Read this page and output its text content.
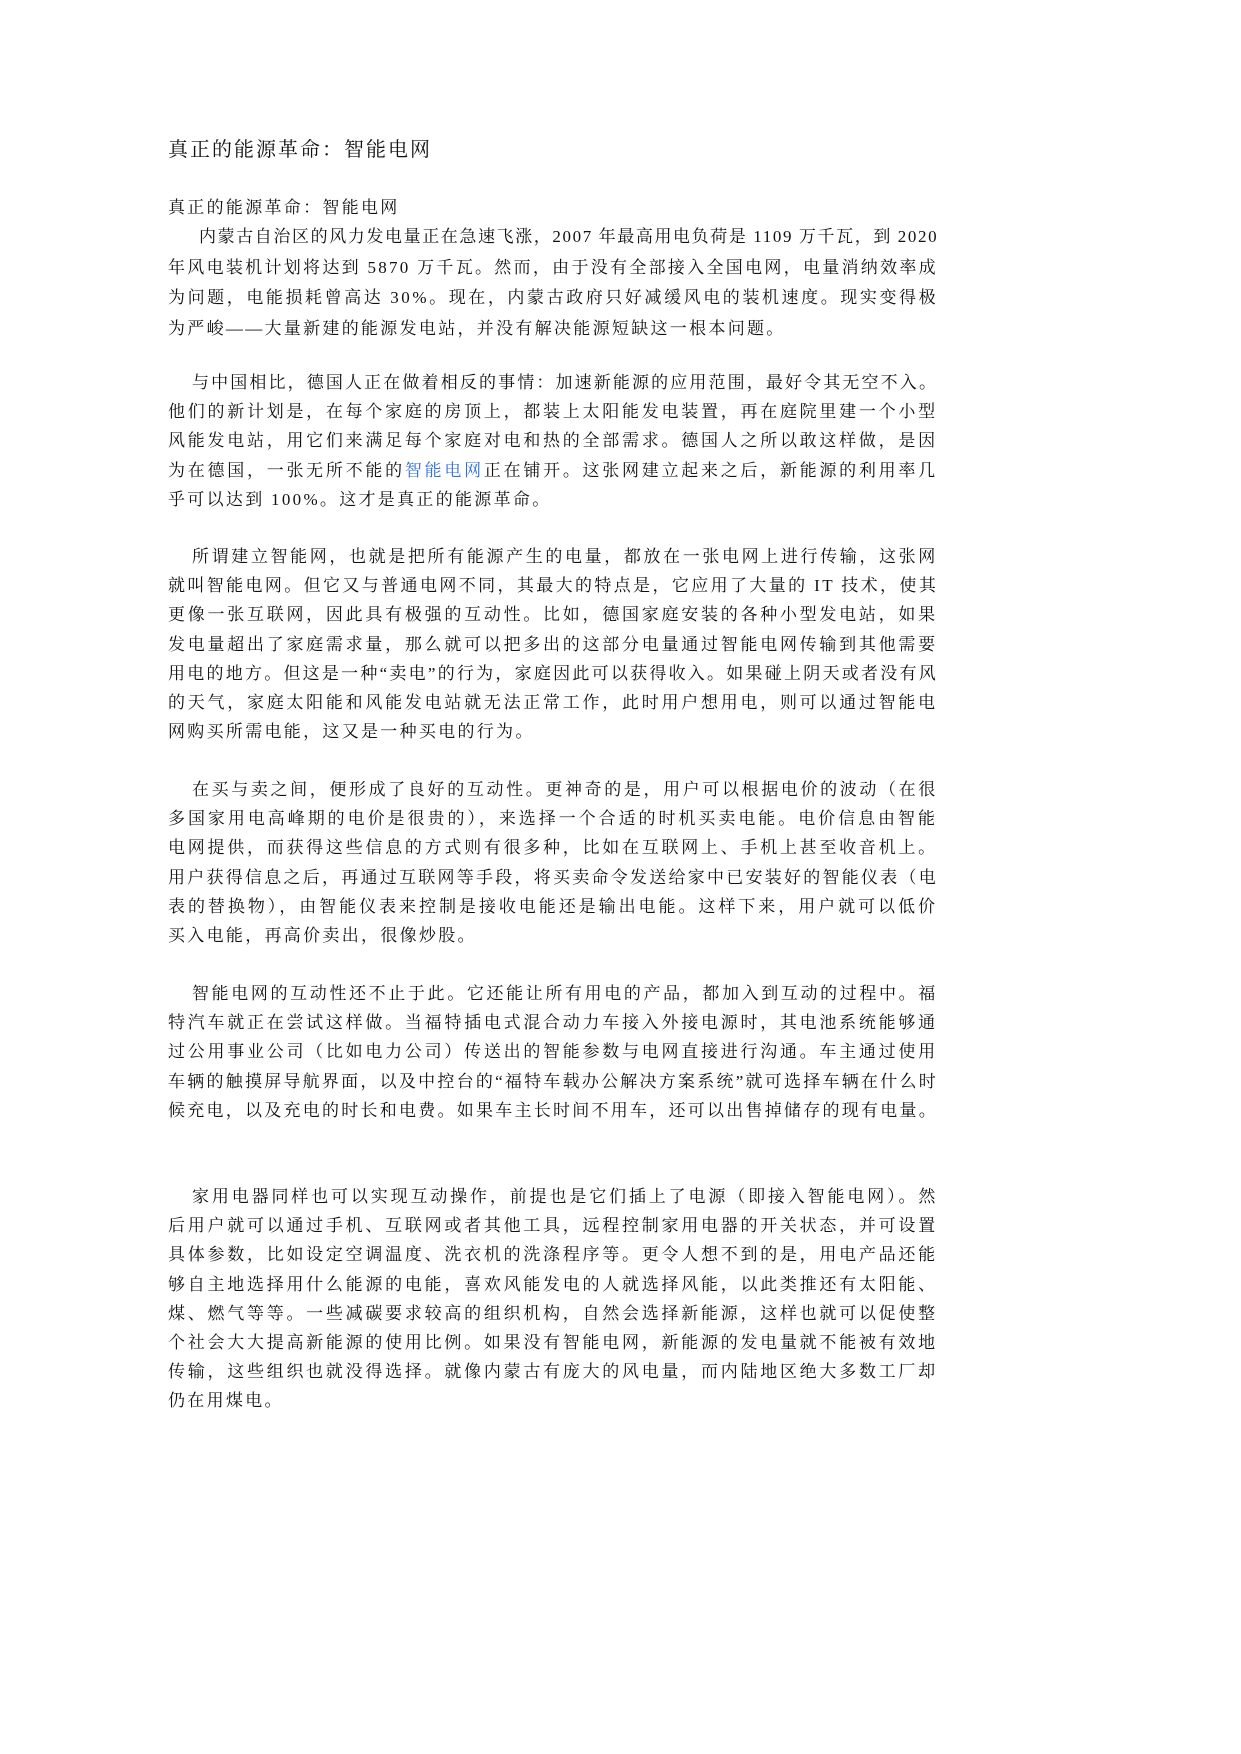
真正的能源革命：智能电网
真正的能源革命：智能电网
内蒙古自治区的风力发电量正在急速飞涨，2007 年最高用电负荷是 1109 万千瓦，到 2020
年风电装机计划将达到 5870 万千瓦。然而，由于没有全部接入全国电网，电量消纳效率成
为问题，电能损耗曾高达 30%。现在，内蒙古政府只好减缓风电的装机速度。现实变得极
为严峻——大量新建的能源发电站，并没有解决能源短缺这一根本问题。
与中国相比，德国人正在做着相反的事情：加速新能源的应用范围，最好令其无空不入。
他们的新计划是，在每个家庭的房顶上，都装上太阳能发电装置，再在庭院里建一个小型
风能发电站，用它们来满足每个家庭对电和热的全部需求。德国人之所以敢这样做，是因
为在德国，一张无所不能的智能电网正在铺开。这张网建立起来之后，新能源的利用率几
乎可以达到 100%。这才是真正的能源革命。
所谓建立智能网，也就是把所有能源产生的电量，都放在一张电网上进行传输，这张网
就叫智能电网。但它又与普通电网不同，其最大的特点是，它应用了大量的 IT 技术，使其
更像一张互联网，因此具有极强的互动性。比如，德国家庭安装的各种小型发电站，如果
发电量超出了家庭需求量，那么就可以把多出的这部分电量通过智能电网传输到其他需要
用电的地方。但这是一种“卖电”的行为，家庭因此可以获得收入。如果碰上阴天或者没有风
的天气，家庭太阳能和风能发电站就无法正常工作，此时用户想用电，则可以通过智能电
网购买所需电能，这又是一种买电的行为。
在买与卖之间，便形成了良好的互动性。更神奇的是，用户可以根据电价的波动（在很
多国家用电高峰期的电价是很贵的），来选择一个合适的时机买卖电能。电价信息由智能
电网提供，而获得这些信息的方式则有很多种，比如在互联网上、手机上甚至收音机上。
用户获得信息之后，再通过互联网等手段，将买卖命令发送给家中已安装好的智能仪表（电
表的替换物），由智能仪表来控制是接收电能还是输出电能。这样下来，用户就可以低价
买入电能，再高价卖出，很像炒股。
智能电网的互动性还不止于此。它还能让所有用电的产品，都加入到互动的过程中。福
特汽车就正在尝试这样做。当福特插电式混合动力车接入外接电源时，其电池系统能够通
过公用事业公司（比如电力公司）传送出的智能参数与电网直接进行沟通。车主通过使用
车辆的触摸屏导航界面，以及中控台的“福特车载办公解决方案系统”就可选择车辆在什么时
候充电，以及充电的时长和电费。如果车主长时间不用车，还可以出售掉储存的现有电量。
家用电器同样也可以实现互动操作，前提也是它们插上了电源（即接入智能电网）。然
后用户就可以通过手机、互联网或者其他工具，远程控制家用电器的开关状态，并可设置
具体参数，比如设定空调温度、洗衣机的洗涤程序等。更令人想不到的是，用电产品还能
够自主地选择用什么能源的电能，喜欢风能发电的人就选择风能，以此类推还有太阳能、
煤、燃气等等。一些减碳要求较高的组织机构，自然会选择新能源，这样也就可以促使整
个社会大大提高新能源的使用比例。如果没有智能电网，新能源的发电量就不能被有效地
传输，这些组织也就没得选择。就像内蒙古有庞大的风电量，而内陆地区绝大多数工厂却
仍在用煤电。
